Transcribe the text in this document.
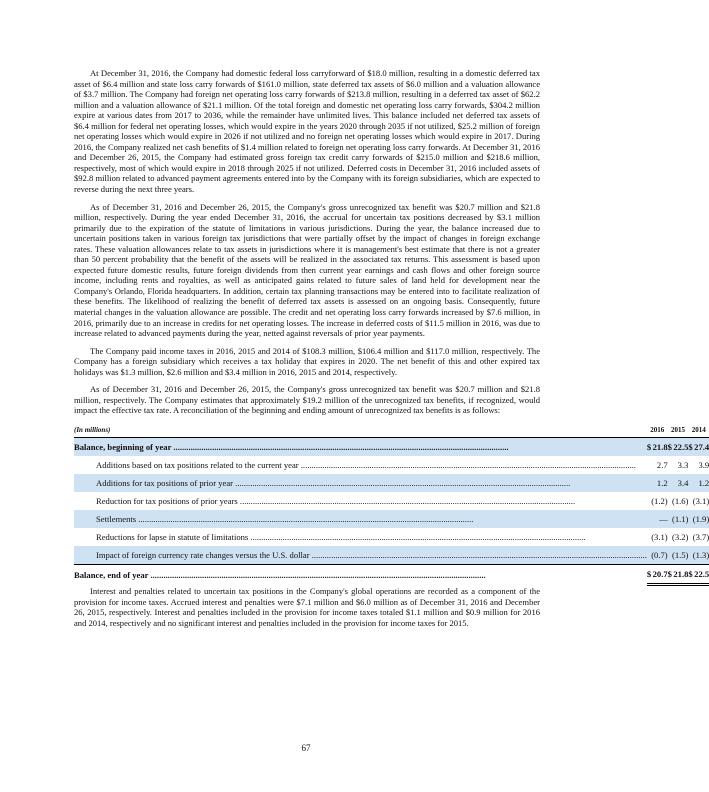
At December 31, 2016, the Company had domestic federal loss carryforward of $18.0 million, resulting in a domestic deferred tax asset of $6.4 million and state loss carry forwards of $161.0 million, state deferred tax assets of $6.0 million and a valuation allowance of $3.7 million. The Company had foreign net operating loss carry forwards of $213.8 million, resulting in a deferred tax asset of $62.2 million and a valuation allowance of $21.1 million. Of the total foreign and domestic net operating loss carry forwards, $304.2 million expire at various dates from 2017 to 2036, while the remainder have unlimited lives. This balance included net deferred tax assets of $6.4 million for federal net operating losses, which would expire in the years 2020 through 2035 if not utilized, $25.2 million of foreign net operating losses which would expire in 2026 if not utilized and no foreign net operating losses which would expire in 2017. During 2016, the Company realized net cash benefits of $1.4 million related to foreign net operating loss carry forwards. At December 31, 2016 and December 26, 2015, the Company had estimated gross foreign tax credit carry forwards of $215.0 million and $218.6 million, respectively, most of which would expire in 2018 through 2025 if not utilized. Deferred costs in December 31, 2016 included assets of $92.8 million related to advanced payment agreements entered into by the Company with its foreign subsidiaries, which are expected to reverse during the next three years.

As of December 31, 2016 and December 26, 2015, the Company's gross unrecognized tax benefit was $20.7 million and $21.8 million, respectively. During the year ended December 31, 2016, the accrual for uncertain tax positions decreased by $3.1 million primarily due to the expiration of the statute of limitations in various jurisdictions. During the year, the balance increased due to uncertain positions taken in various foreign tax jurisdictions that were partially offset by the impact of changes in foreign exchange rates. These valuation allowances relate to tax assets in jurisdictions where it is management's best estimate that there is not a greater than 50 percent probability that the benefit of the assets will be realized in the associated tax returns. This assessment is based upon expected future domestic results, future foreign dividends from then current year earnings and cash flows and other foreign source income, including rents and royalties, as well as anticipated gains related to future sales of land held for development near the Company's Orlando, Florida headquarters. In addition, certain tax planning transactions may be entered into to facilitate realization of these benefits. The likelihood of realizing the benefit of deferred tax assets is assessed on an ongoing basis. Consequently, future material changes in the valuation allowance are possible. The credit and net operating loss carry forwards increased by $7.6 million, in 2016, primarily due to an increase in credits for net operating losses. The increase in deferred costs of $11.5 million in 2016, was due to increase related to advanced payments during the year, netted against reversals of prior year payments.

The Company paid income taxes in 2016, 2015 and 2014 of $108.3 million, $106.4 million and $117.0 million, respectively. The Company has a foreign subsidiary which receives a tax holiday that expires in 2020. The net benefit of this and other expired tax holidays was $1.3 million, $2.6 million and $3.4 million in 2016, 2015 and 2014, respectively.

As of December 31, 2016 and December 26, 2015, the Company's gross unrecognized tax benefit was $20.7 million and $21.8 million, respectively. The Company estimates that approximately $19.2 million of the unrecognized tax benefits, if recognized, would impact the effective tax rate. A reconciliation of the beginning and ending amount of unrecognized tax benefits is as follows:

(In millions)		2016		2015		2014	
Balance, beginning of year .....		$	21.8		$	22.5		$	27.4
Additions based on tax positions related to the current year .....			2.7			3.3			3.9
Additions for tax positions of prior year .....			1.2			3.4			1.2
Reduction for tax positions of prior years .....			(1.2)			(1.6)			(3.1)
Settlements .....			—			(1.1)			(1.9)
Reductions for lapse in statute of limitations .....			(3.1)			(3.2)			(3.7)
Impact of foreign currency rate changes versus the U.S. dollar .....			(0.7)			(1.5)			(1.3)
Balance, end of year .....		$	20.7		$	21.8		$	22.5

Interest and penalties related to uncertain tax positions in the Company's global operations are recorded as a component of the provision for income taxes. Accrued interest and penalties were $7.1 million and $6.0 million as of December 31, 2016 and December 26, 2015, respectively. Interest and penalties included in the provision for income taxes totaled $1.1 million and $0.9 million for 2016 and 2014, respectively and no significant interest and penalties included in the provision for income taxes for 2015.

67
